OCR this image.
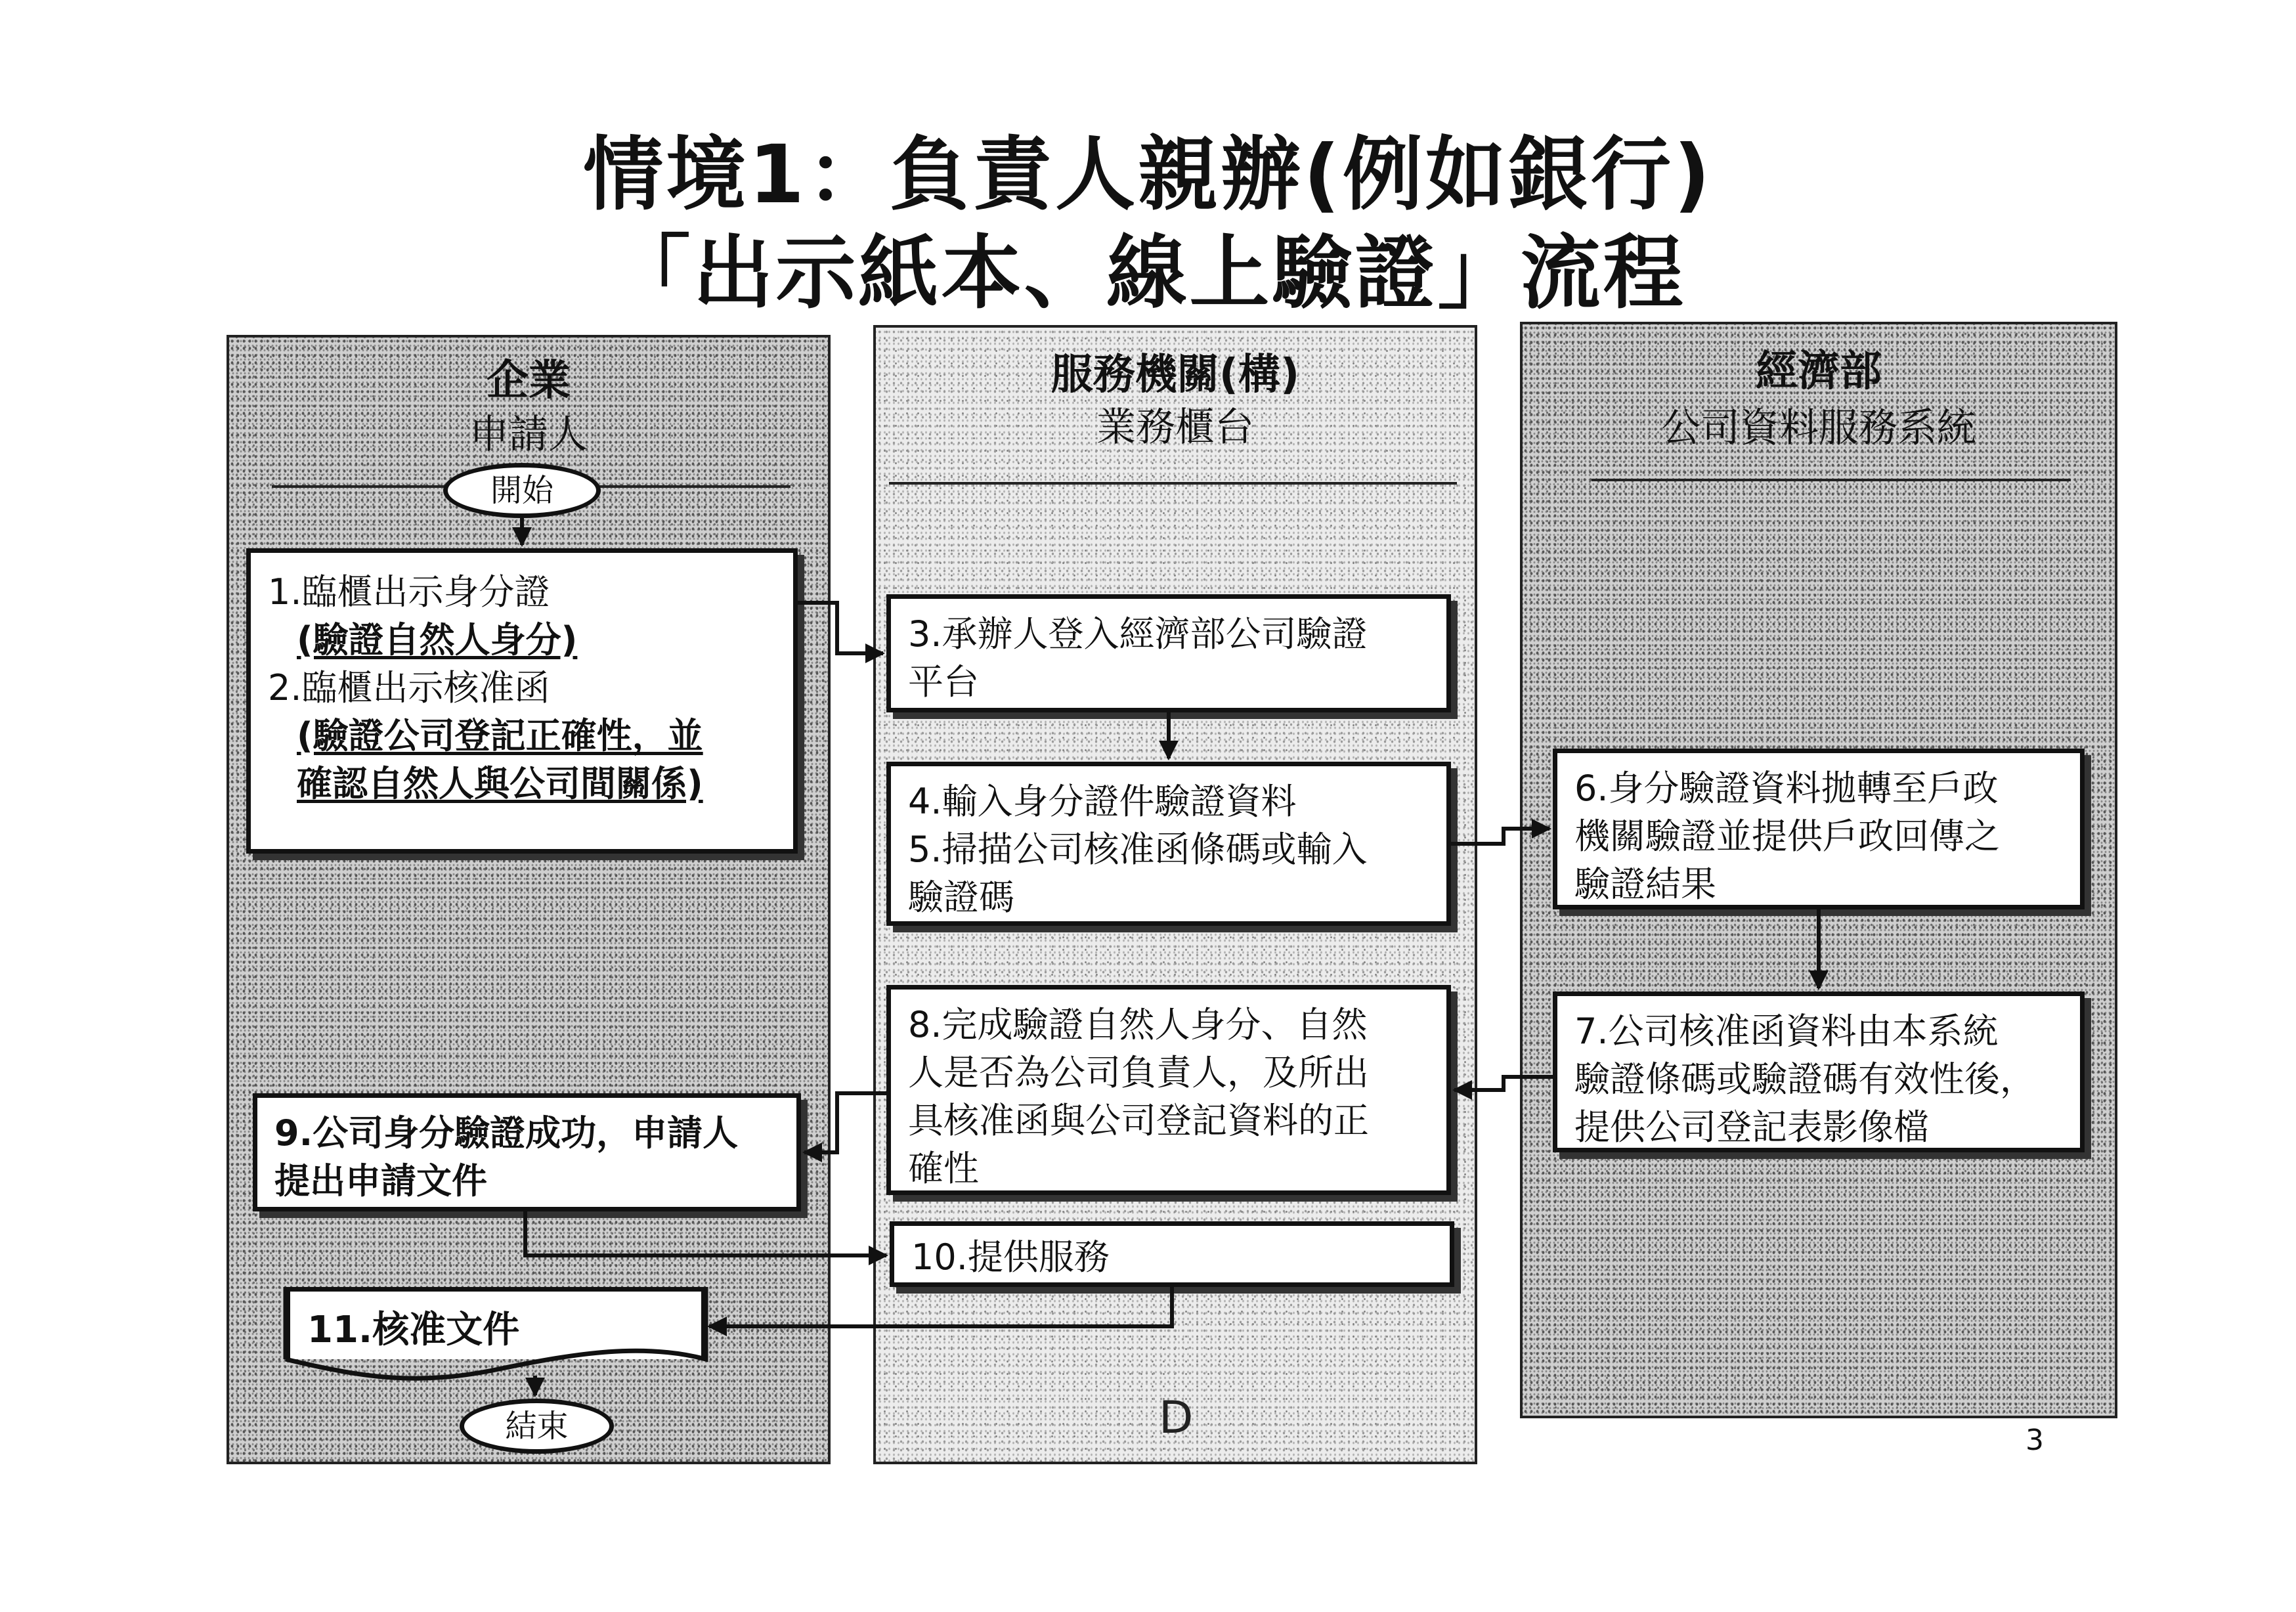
情境1：負責人親辦(例如銀行)
「出示紙本、線上驗證」流程
企業
申請人
服務機關(構)
業務櫃台
經濟部
公司資料服務系統
開始
1.臨櫃出示身分證
(驗證自然人身分)
2.臨櫃出示核准函
(驗證公司登記正確性，並
確認自然人與公司間關係)
3.承辦人登入經濟部公司驗證
平台
4.輸入身分證件驗證資料
5.掃描公司核准函條碼或輸入
驗證碼
6.身分驗證資料拋轉至戶政
機關驗證並提供戶政回傳之
驗證結果
7.公司核准函資料由本系統
驗證條碼或驗證碼有效性後，
提供公司登記表影像檔
8.完成驗證自然人身分、自然
人是否為公司負責人，及所出
具核准函與公司登記資料的正
確性
9.公司身分驗證成功，申請人
提出申請文件
10.提供服務
11.核准文件
結束	D	3
